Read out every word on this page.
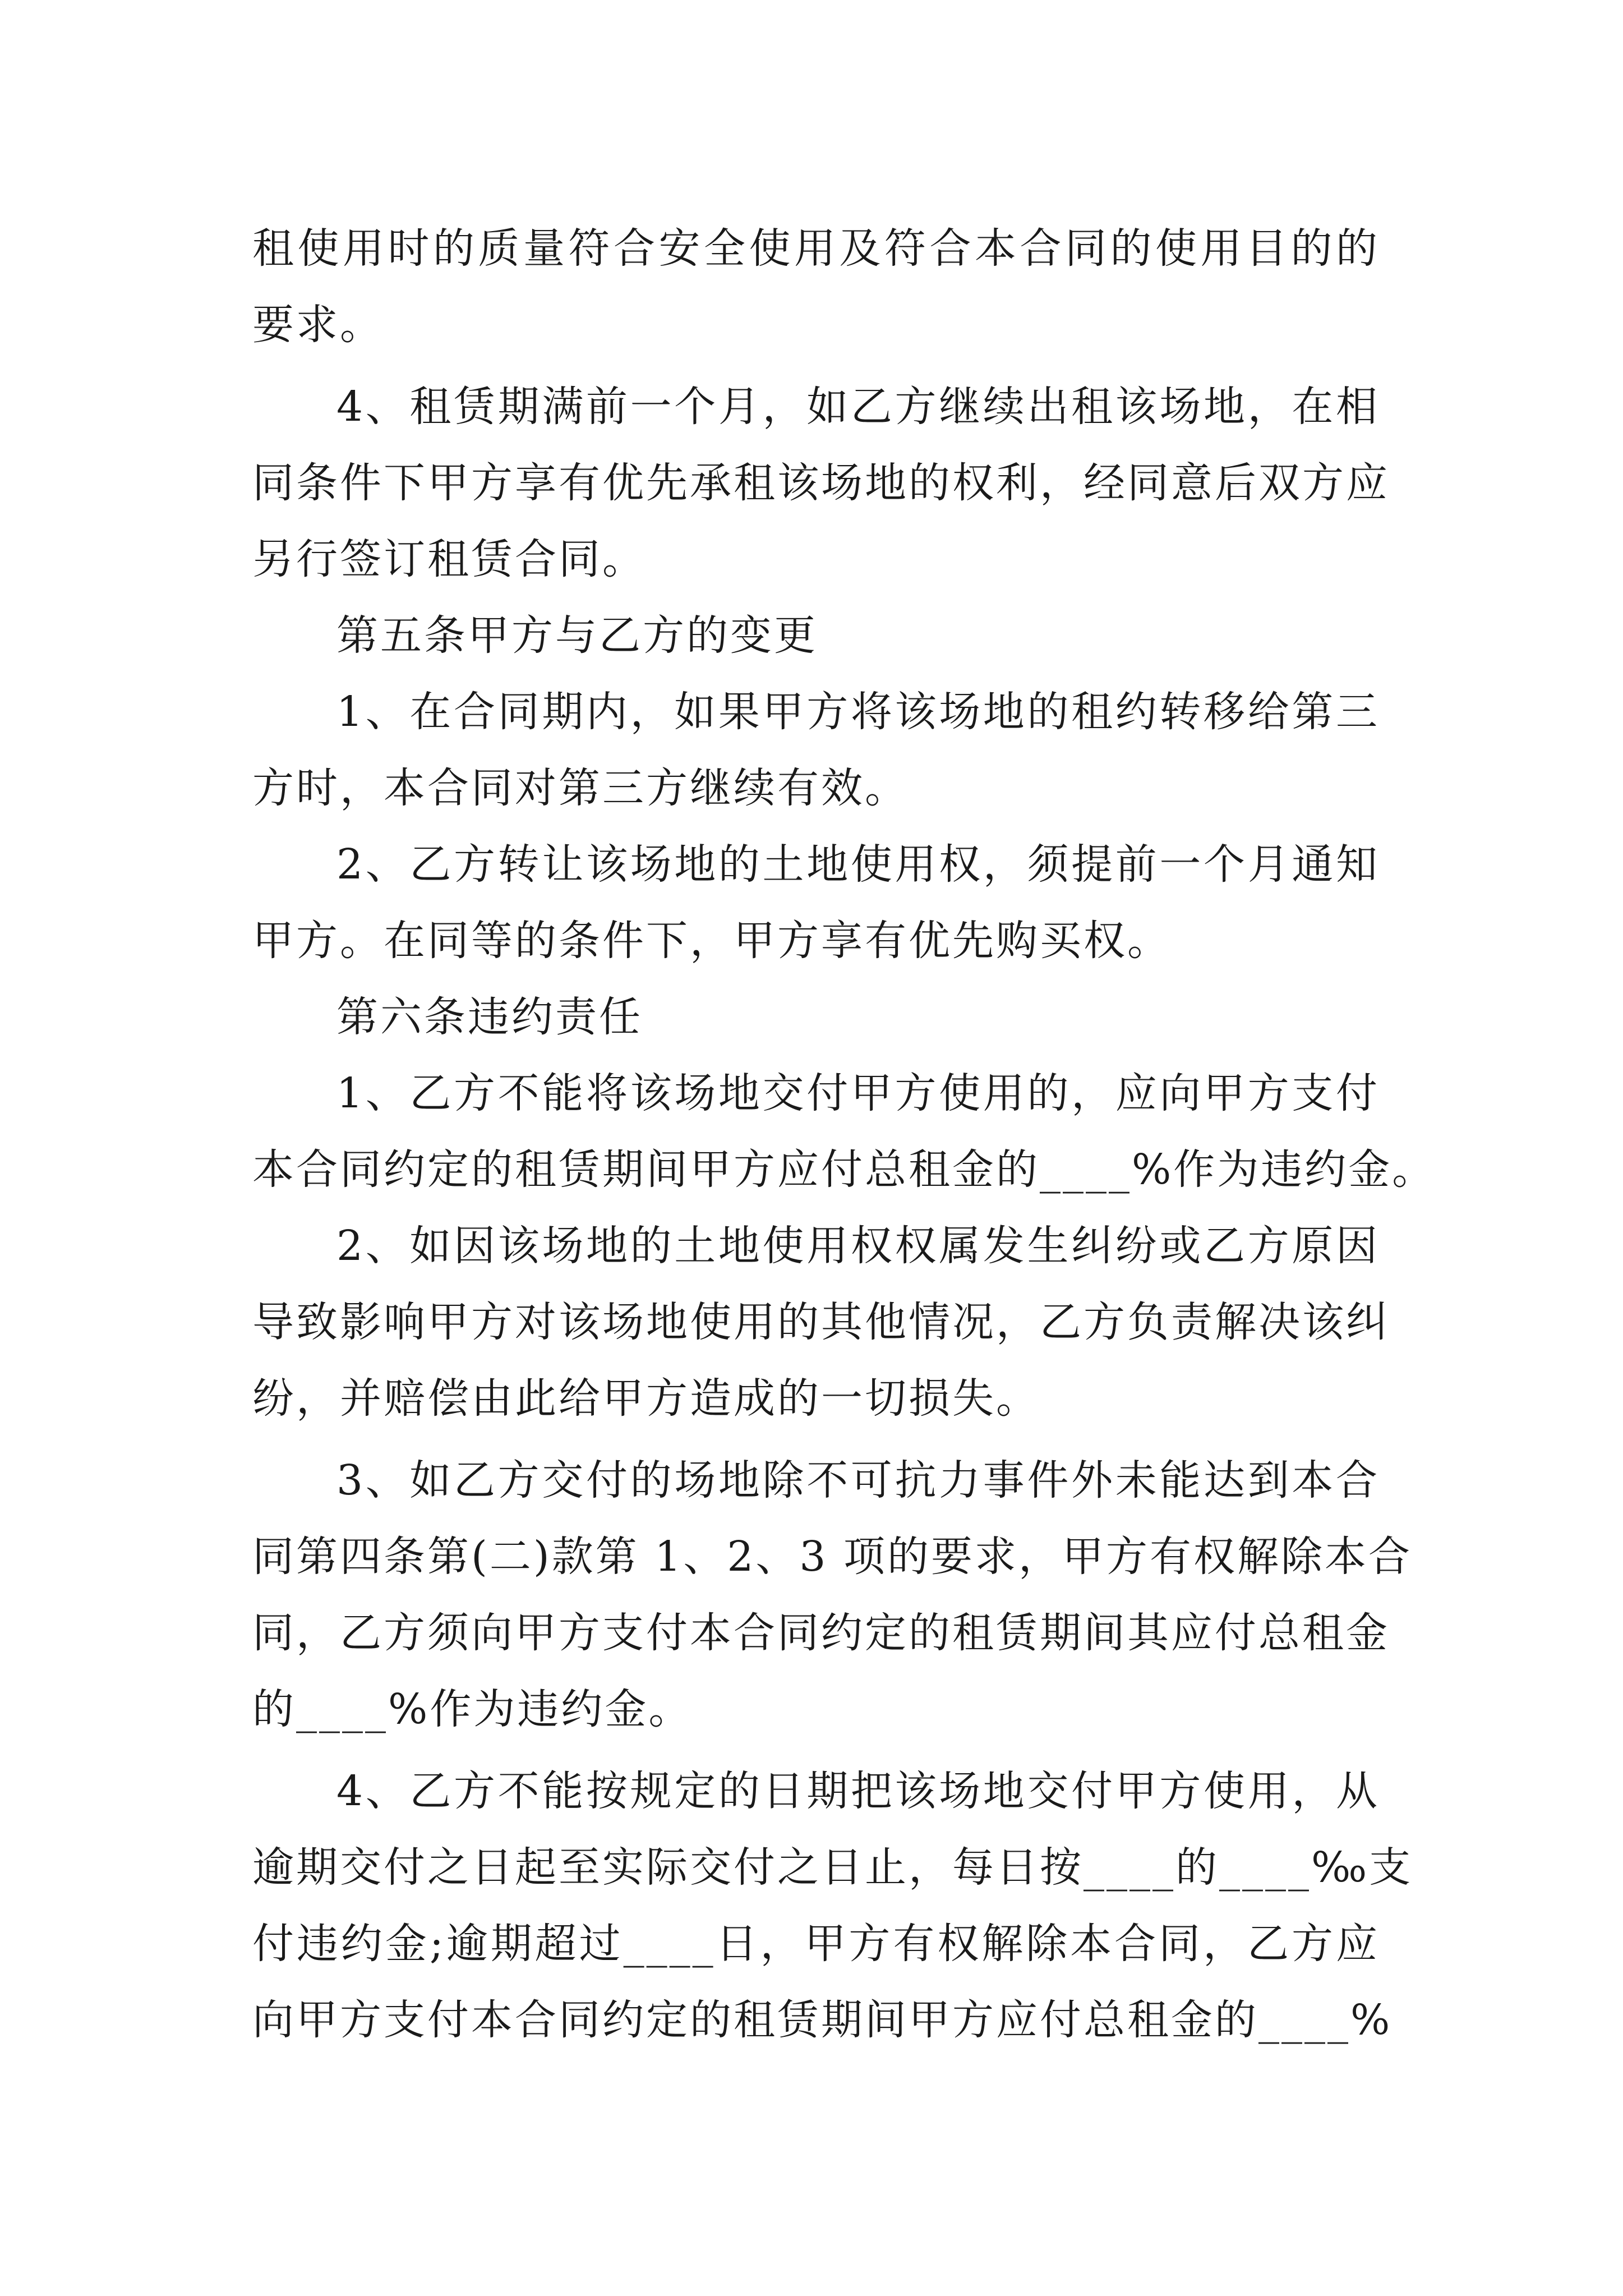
租使用时的质量符合安全使用及符合本合同的使用目的的
要求。
4、租赁期满前一个月，如乙方继续出租该场地，在相
同条件下甲方享有优先承租该场地的权利，经同意后双方应
另行签订租赁合同。
第五条甲方与乙方的变更
1、在合同期内，如果甲方将该场地的租约转移给第三
方时，本合同对第三方继续有效。
2、乙方转让该场地的土地使用权，须提前一个月通知
甲方。在同等的条件下，甲方享有优先购买权。
第六条违约责任
1、乙方不能将该场地交付甲方使用的，应向甲方支付
本合同约定的租赁期间甲方应付总租金的____%作为违约金。
2、如因该场地的土地使用权权属发生纠纷或乙方原因
导致影响甲方对该场地使用的其他情况，乙方负责解决该纠
纷，并赔偿由此给甲方造成的一切损失。
3、如乙方交付的场地除不可抗力事件外未能达到本合
同第四条第(二)款第 1、2、3 项的要求，甲方有权解除本合
同，乙方须向甲方支付本合同约定的租赁期间其应付总租金
的____%作为违约金。
4、乙方不能按规定的日期把该场地交付甲方使用，从
逾期交付之日起至实际交付之日止，每日按____的____‰支
付违约金;逾期超过____日，甲方有权解除本合同，乙方应
向甲方支付本合同约定的租赁期间甲方应付总租金的____%
